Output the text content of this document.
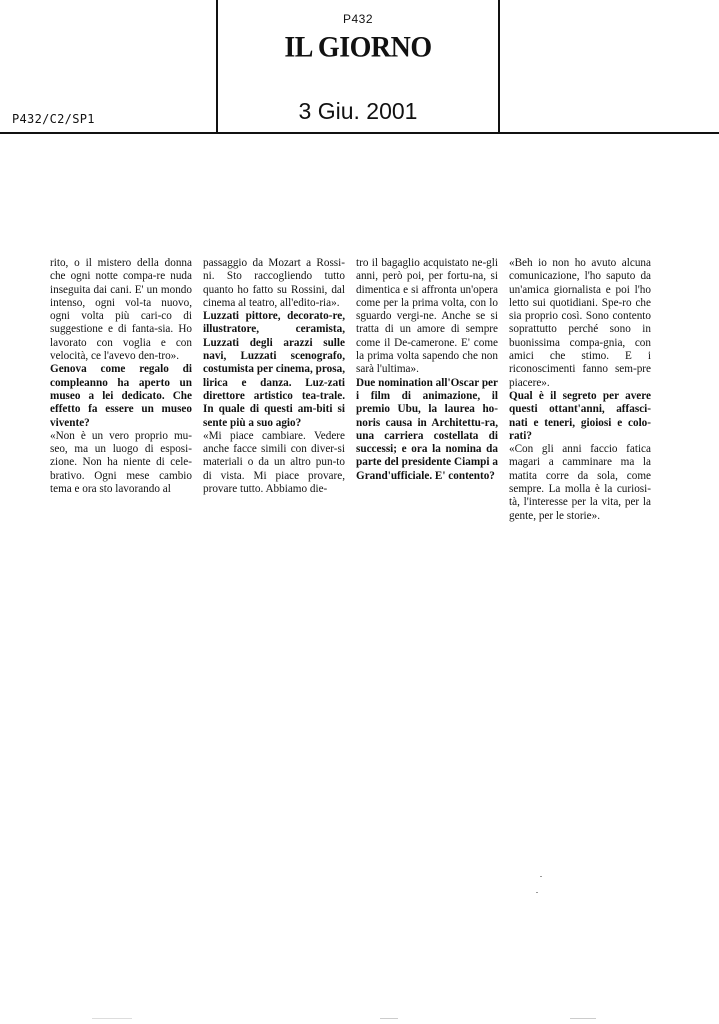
P432
IL GIORNO
3 Giu. 2001
P432/C2/SP1

rito, o il mistero della donna che ogni notte compa-re nuda inseguita dai cani. E' un mondo intenso, ogni vol-ta nuovo, ogni volta più cari-co di suggestione e di fanta-sia. Ho lavorato con voglia e con velocità, ce l'avevo den-tro».

Genova come regalo di compleanno ha aperto un museo a lei dedicato. Che effetto fa essere un museo vivente?

«Non è un vero proprio mu-seo, ma un luogo di esposi-zione. Non ha niente di cele-brativo. Ogni mese cambio tema e ora sto lavorando al

passaggio da Mozart a Rossi-ni. Sto raccogliendo tutto quanto ho fatto su Rossini, dal cinema al teatro, all'edito-ria».

Luzzati pittore, decorato-re, illustratore, ceramista, Luzzati degli arazzi sulle navi, Luzzati scenografo, costumista per cinema, prosa, lirica e danza. Luz-zati direttore artistico tea-trale. In quale di questi am-biti si sente più a suo agio?

«Mi piace cambiare. Vedere anche facce simili con diver-si materiali o da un altro pun-to di vista. Mi piace provare, provare tutto. Abbiamo die-

tro il bagaglio acquistato ne-gli anni, però poi, per fortu-na, si dimentica e si affronta un'opera come per la prima volta, con lo sguardo vergi-ne. Anche se si tratta di un amore di sempre come il De-camerone. E' come la prima volta sapendo che non sarà l'ultima».

Due nomination all'Oscar per i film di animazione, il premio Ubu, la laurea ho-noris causa in Architettu-ra, una carriera costellata di successi; e ora la nomina da parte del presidente Ciampi a Grand'ufficiale. E' contento?

«Beh io non ho avuto alcuna comunicazione, l'ho saputo da un'amica giornalista e poi l'ho letto sui quotidiani. Spe-ro che sia proprio così. Sono contento soprattutto perché sono in buonissima compa-gnia, con amici che stimo. E i riconoscimenti fanno sem-pre piacere».

Qual è il segreto per avere questi ottant'anni, affasci-nati e teneri, gioiosi e colo-rati?

«Con gli anni faccio fatica magari a camminare ma la matita corre da sola, come sempre. La molla è la curiosi-tà, l'interesse per la vita, per la gente, per le storie».
